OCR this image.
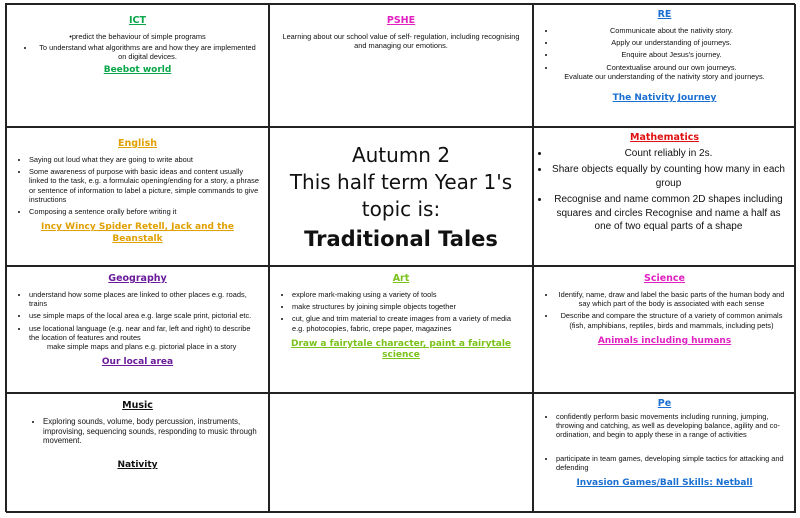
ICT
•predict the behaviour of simple programs
• To understand what algorithms are and how they are implemented on digital devices.
Beebot world
PSHE
Learning about our school value of self- regulation, including recognising and managing our emotions.
RE
• Communicate about the nativity story.
• Apply our understanding of journeys.
• Enquire about Jesus's journey.
• Contextualise around our own journeys.
Evaluate our understanding of the nativity story and journeys.
The Nativity Journey
English
• Saying out loud what they are going to write about
• Some awareness of purpose with basic ideas and content usually linked to the task, e.g. a formulaic opening/ending for a story, a phrase or sentence of information to label a picture, simple commands to give instructions
• Composing a sentence orally before writing it
Incy Wincy Spider Retell, Jack and the Beanstalk
Autumn 2
This half term Year 1's
topic is:
Traditional Tales
Mathematics
• Count reliably in 2s.
• Share objects equally by counting how many in each group
• Recognise and name common 2D shapes including squares and circles Recognise and name a half as one of two equal parts of a shape
Geography
• understand how some places are linked to other places e.g. roads, trains
• use simple maps of the local area e.g. large scale print, pictorial etc.
• use locational language (e.g. near and far, left and right) to describe the location of features and routes
make simple maps and plans e.g. pictorial place in a story
Our local area
Art
• explore mark-making using a variety of tools
• make structures by joining simple objects together
• cut, glue and trim material to create images from a variety of media e.g. photocopies, fabric, crepe paper, magazines
Draw a fairytale character, paint a fairytale science
Science
• Identify, name, draw and label the basic parts of the human body and say which part of the body is associated with each sense
• Describe and compare the structure of a variety of common animals (fish, amphibians, reptiles, birds and mammals, including pets)
Animals including humans
Music
• Exploring sounds, volume, body percussion, instruments, improvising, sequencing sounds, responding to music through movement.
Nativity
Pe
• confidently perform basic movements including running, jumping, throwing and catching, as well as developing balance, agility and co-ordination, and begin to apply these in a range of activities
• participate in team games, developing simple tactics for attacking and defending
Invasion Games/Ball Skills: Netball
